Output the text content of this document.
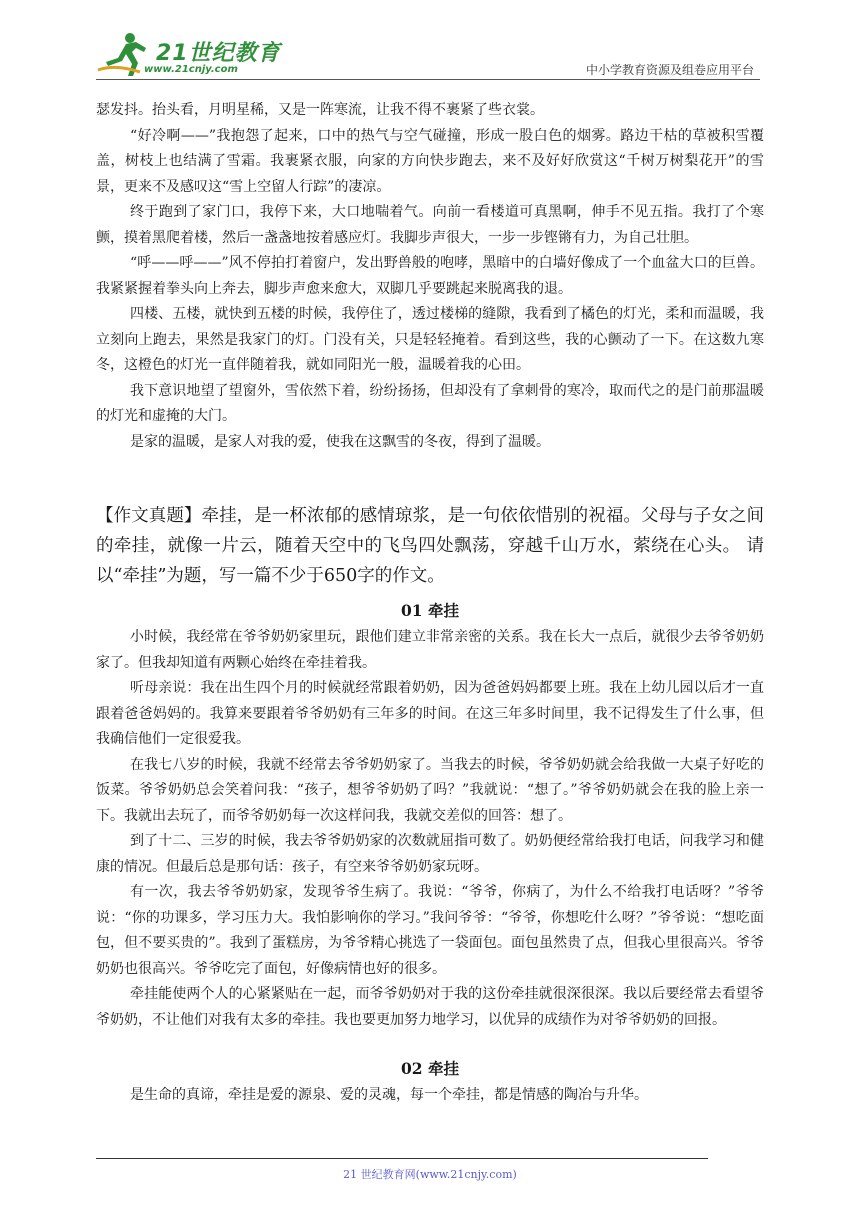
21世纪教育
www.21cnjy.com	中小学教育资源及组卷应用平台

瑟发抖。抬头看，月明星稀，又是一阵寒流，让我不得不裹紧了些衣裳。

“好冷啊——”我抱怨了起来，口中的热气与空气碰撞，形成一股白色的烟雾。路边干枯的草被积雪覆盖，树枝上也结满了雪霜。我裹紧衣服，向家的方向快步跑去，来不及好好欣赏这“千树万树梨花开”的雪景，更来不及感叹这“雪上空留人行踪”的凄凉。

终于跑到了家门口，我停下来，大口地喘着气。向前一看楼道可真黑啊，伸手不见五指。我打了个寒颤，摸着黑爬着楼，然后一盏盏地按着感应灯。我脚步声很大，一步一步铿锵有力，为自己壮胆。

“呼——呼——”风不停拍打着窗户，发出野兽般的咆哮，黑暗中的白墙好像成了一个血盆大口的巨兽。我紧紧握着拳头向上奔去，脚步声愈来愈大，双脚几乎要跳起来脱离我的退。

四楼、五楼，就快到五楼的时候，我停住了，透过楼梯的缝隙，我看到了橘色的灯光，柔和而温暖，我立刻向上跑去，果然是我家门的灯。门没有关，只是轻轻掩着。看到这些，我的心颤动了一下。在这数九寒冬，这橙色的灯光一直伴随着我，就如同阳光一般，温暖着我的心田。

我下意识地望了望窗外，雪依然下着，纷纷扬扬，但却没有了拿刺骨的寒冷，取而代之的是门前那温暖的灯光和虚掩的大门。

是家的温暖，是家人对我的爱，使我在这飘雪的冬夜，得到了温暖。

【作文真题】牵挂，是一杯浓郁的感情琼浆，是一句依依惜别的祝福。父母与子女之间的牵挂，就像一片云，随着天空中的飞鸟四处飘荡，穿越千山万水，萦绕在心头。 请以“牵挂”为题，写一篇不少于650字的作文。

01 牵挂

小时候，我经常在爷爷奶奶家里玩，跟他们建立非常亲密的关系。我在长大一点后，就很少去爷爷奶奶家了。但我却知道有两颗心始终在牵挂着我。

听母亲说：我在出生四个月的时候就经常跟着奶奶，因为爸爸妈妈都要上班。我在上幼儿园以后才一直跟着爸爸妈妈的。我算来要跟着爷爷奶奶有三年多的时间。在这三年多时间里，我不记得发生了什么事，但我确信他们一定很爱我。

在我七八岁的时候，我就不经常去爷爷奶奶家了。当我去的时候，爷爷奶奶就会给我做一大桌子好吃的饭菜。爷爷奶奶总会笑着问我：“孩子，想爷爷奶奶了吗？”我就说：“想了。”爷爷奶奶就会在我的脸上亲一下。我就出去玩了，而爷爷奶奶每一次这样问我，我就交差似的回答：想了。

到了十二、三岁的时候，我去爷爷奶奶家的次数就屈指可数了。奶奶便经常给我打电话，问我学习和健康的情况。但最后总是那句话：孩子，有空来爷爷奶奶家玩呀。

有一次，我去爷爷奶奶家，发现爷爷生病了。我说：“爷爷，你病了，为什么不给我打电话呀？”爷爷说：“你的功课多，学习压力大。我怕影响你的学习。”我问爷爷：“爷爷，你想吃什么呀？”爷爷说：“想吃面包，但不要买贵的”。我到了蛋糕房，为爷爷精心挑选了一袋面包。面包虽然贵了点，但我心里很高兴。爷爷奶奶也很高兴。爷爷吃完了面包，好像病情也好的很多。

牵挂能使两个人的心紧紧贴在一起，而爷爷奶奶对于我的这份牵挂就很深很深。我以后要经常去看望爷爷奶奶，不让他们对我有太多的牵挂。我也要更加努力地学习，以优异的成绩作为对爷爷奶奶的回报。

02 牵挂

是生命的真谛，牵挂是爱的源泉、爱的灵魂，每一个牵挂，都是情感的陶冶与升华。

21 世纪教育网(www.21cnjy.com)
